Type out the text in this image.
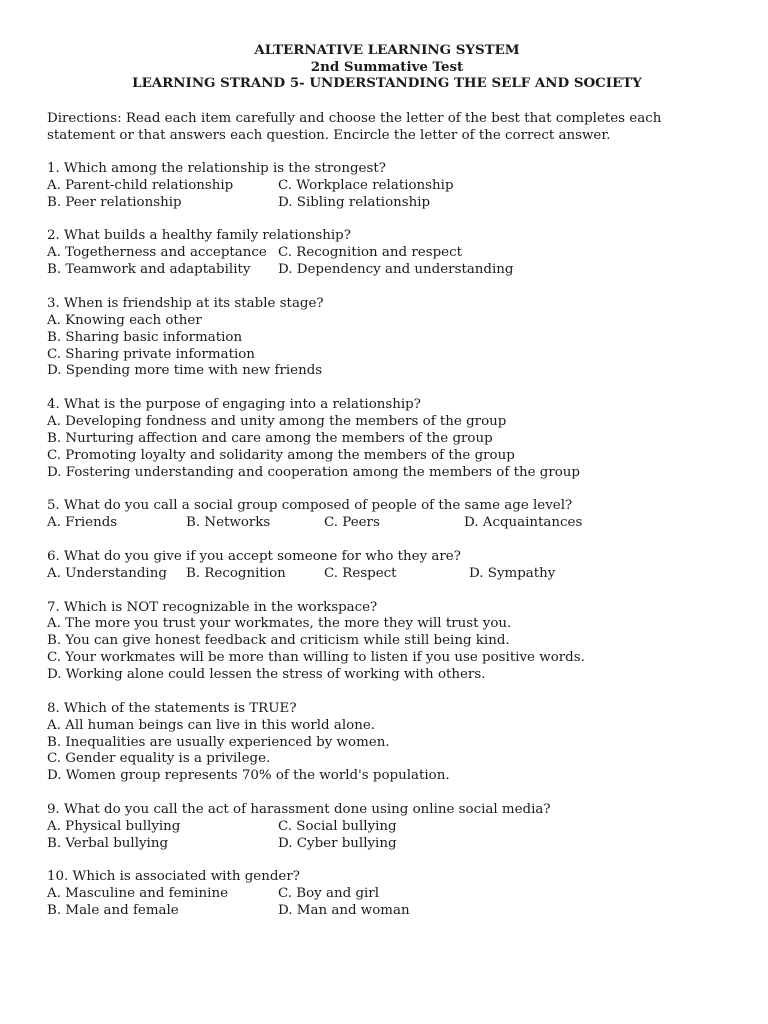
ALTERNATIVE LEARNING SYSTEM
2nd Summative Test
LEARNING STRAND 5- UNDERSTANDING THE SELF AND SOCIETY

Directions: Read each item carefully and choose the letter of the best that completes each

statement or that answers each question. Encircle the letter of the correct answer.

1. Which among the relationship is the strongest?
A. Parent-child relationship	C. Workplace relationship
B. Peer relationship	D. Sibling relationship
2. What builds a healthy family relationship?
A. Togetherness and acceptance C. Recognition and respect
B. Teamwork and adaptability D. Dependency and understanding
3. When is friendship at its stable stage?
A. Knowing each other
B. Sharing basic information
C. Sharing private information
D. Spending more time with new friends
4. What is the purpose of engaging into a relationship?
A. Developing fondness and unity among the members of the group
B. Nurturing affection and care among the members of the group
C. Promoting loyalty and solidarity among the members of the group
D. Fostering understanding and cooperation among the members of the group
5. What do you call a social group composed of people of the same age level?
A. Friends	B. Networks	C. Peers	D. Acquaintances
6. What do you give if you accept someone for who they are?
A. Understanding B. Recognition	C. Respect	D. Sympathy
7. Which is NOT recognizable in the workspace?
A. The more you trust your workmates, the more they will trust you.
B. You can give honest feedback and criticism while still being kind.
C. Your workmates will be more than willing to listen if you use positive words.
D. Working alone could lessen the stress of working with others.
8. Which of the statements is TRUE?
A. All human beings can live in this world alone.
B. Inequalities are usually experienced by women.
C. Gender equality is a privilege.
D. Women group represents 70% of the world's population.
9. What do you call the act of harassment done using online social media?
A. Physical bullying	C. Social bullying
B. Verbal bullying	D. Cyber bullying
10. Which is associated with gender?
A. Masculine and feminine	C. Boy and girl
B. Male and female	D. Man and woman
